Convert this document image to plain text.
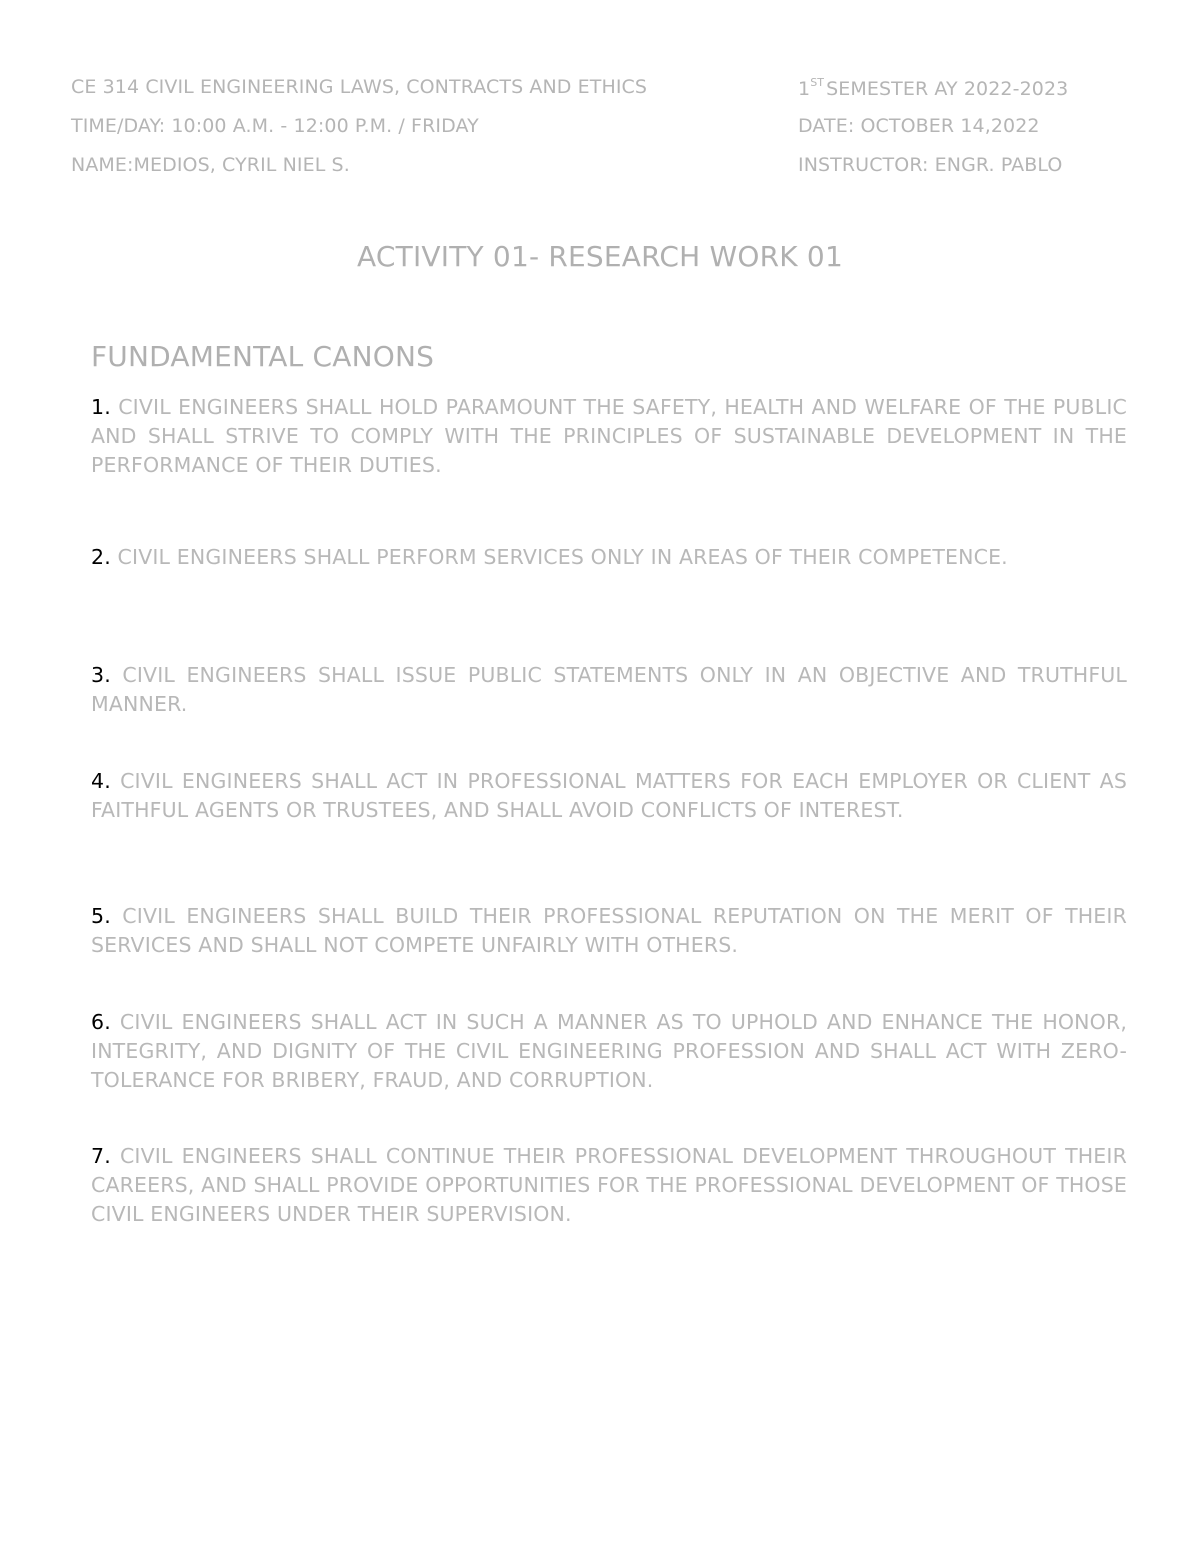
CE 314 CIVIL ENGINEERING LAWS, CONTRACTS AND ETHICS	1ST SEMESTER AY 2022-2023
TIME/DAY: 10:00 A.M. - 12:00 P.M. / FRIDAY	DATE: OCTOBER 14,2022
NAME:MEDIOS, CYRIL NIEL S.	INSTRUCTOR: ENGR. PABLO
ACTIVITY 01- RESEARCH WORK 01
FUNDAMENTAL CANONS
1. CIVIL ENGINEERS SHALL HOLD PARAMOUNT THE SAFETY, HEALTH AND WELFARE OF THE PUBLIC AND SHALL STRIVE TO COMPLY WITH THE PRINCIPLES OF SUSTAINABLE DEVELOPMENT IN THE PERFORMANCE OF THEIR DUTIES.
2. CIVIL ENGINEERS SHALL PERFORM SERVICES ONLY IN AREAS OF THEIR COMPETENCE.
3. CIVIL ENGINEERS SHALL ISSUE PUBLIC STATEMENTS ONLY IN AN OBJECTIVE AND TRUTHFUL MANNER.
4. CIVIL ENGINEERS SHALL ACT IN PROFESSIONAL MATTERS FOR EACH EMPLOYER OR CLIENT AS FAITHFUL AGENTS OR TRUSTEES, AND SHALL AVOID CONFLICTS OF INTEREST.
5. CIVIL ENGINEERS SHALL BUILD THEIR PROFESSIONAL REPUTATION ON THE MERIT OF THEIR SERVICES AND SHALL NOT COMPETE UNFAIRLY WITH OTHERS.
6. CIVIL ENGINEERS SHALL ACT IN SUCH A MANNER AS TO UPHOLD AND ENHANCE THE HONOR, INTEGRITY, AND DIGNITY OF THE CIVIL ENGINEERING PROFESSION AND SHALL ACT WITH ZERO-TOLERANCE FOR BRIBERY, FRAUD, AND CORRUPTION.
7. CIVIL ENGINEERS SHALL CONTINUE THEIR PROFESSIONAL DEVELOPMENT THROUGHOUT THEIR CAREERS, AND SHALL PROVIDE OPPORTUNITIES FOR THE PROFESSIONAL DEVELOPMENT OF THOSE CIVIL ENGINEERS UNDER THEIR SUPERVISION.
